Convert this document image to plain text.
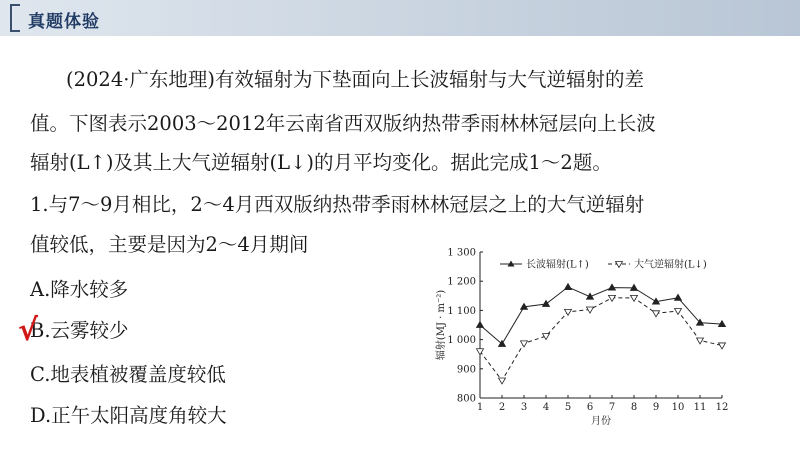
真题体验
(2024·广东地理)有效辐射为下垫面向上长波辐射与大气逆辐射的差
值。下图表示2003～2012年云南省西双版纳热带季雨林林冠层向上长波
辐射(L↑)及其上大气逆辐射(L↓)的月平均变化。据此完成1～2题。
1.与7～9月相比，2～4月西双版纳热带季雨林林冠层之上的大气逆辐射
值较低，主要是因为2～4月期间
A.降水较多
B.云雾较少
C.地表植被覆盖度较低
D.正午太阳高度角较大
√
800
900
1 000
1 100
1 200
1 300
1 2 3 4 5 6 7 8 9 10 11 12
月份
辐射(MJ · m⁻²)
长波辐射(L↑)	大气逆辐射(L↓)
